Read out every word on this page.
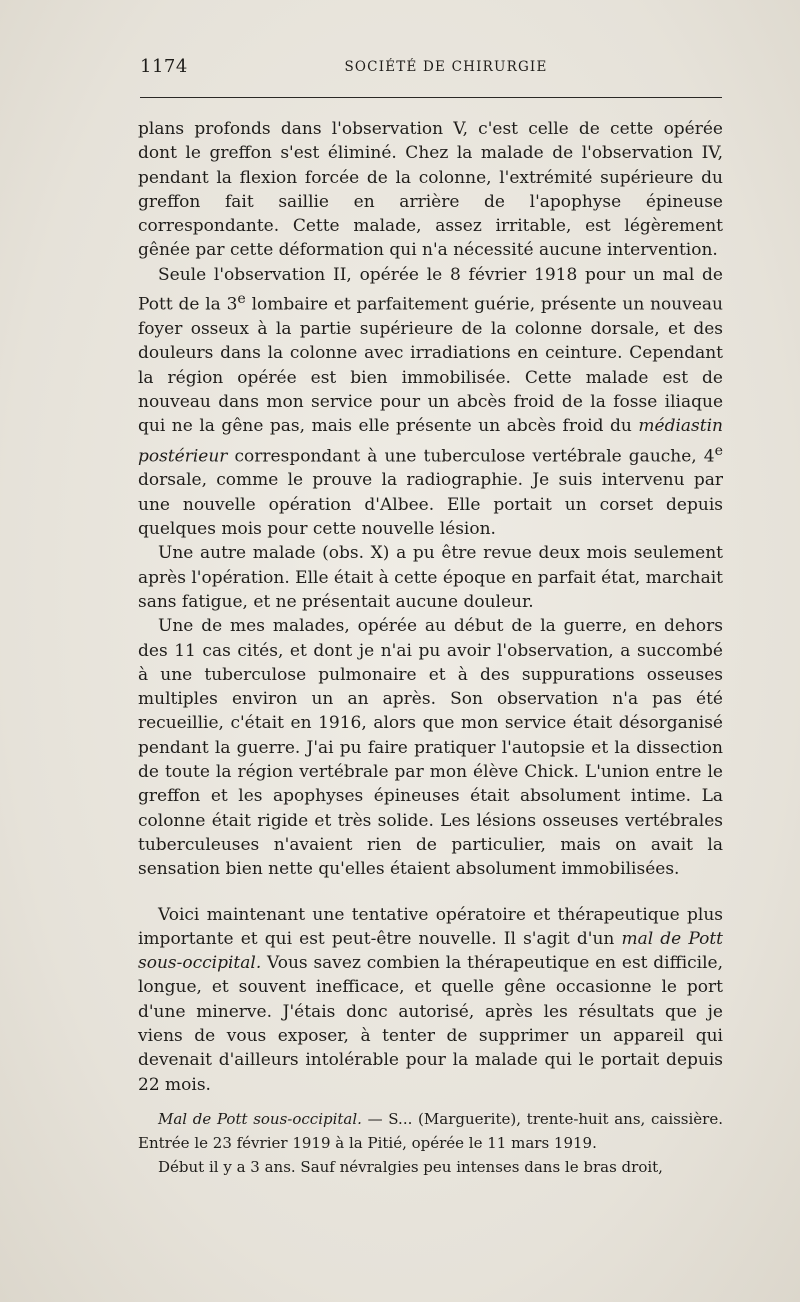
1174	SOCIÉTÉ DE CHIRURGIE

plans profonds dans l'observation V, c'est celle de cette opérée dont le greffon s'est éliminé. Chez la malade de l'observation IV, pendant la flexion forcée de la colonne, l'extrémité supérieure du greffon fait saillie en arrière de l'apophyse épineuse correspondante. Cette malade, assez irritable, est légèrement gênée par cette déformation qui n'a nécessité aucune intervention.

Seule l'observation II, opérée le 8 février 1918 pour un mal de Pott de la 3e lombaire et parfaitement guérie, présente un nouveau foyer osseux à la partie supérieure de la colonne dorsale, et des douleurs dans la colonne avec irradiations en ceinture. Cependant la région opérée est bien immobilisée. Cette malade est de nouveau dans mon service pour un abcès froid de la fosse iliaque qui ne la gêne pas, mais elle présente un abcès froid du médiastin postérieur correspondant à une tuberculose vertébrale gauche, 4e dorsale, comme le prouve la radiographie. Je suis intervenu par une nouvelle opération d'Albee. Elle portait un corset depuis quelques mois pour cette nouvelle lésion.

Une autre malade (obs. X) a pu être revue deux mois seulement après l'opération. Elle était à cette époque en parfait état, marchait sans fatigue, et ne présentait aucune douleur.

Une de mes malades, opérée au début de la guerre, en dehors des 11 cas cités, et dont je n'ai pu avoir l'observation, a succombé à une tuberculose pulmonaire et à des suppurations osseuses multiples environ un an après. Son observation n'a pas été recueillie, c'était en 1916, alors que mon service était désorganisé pendant la guerre. J'ai pu faire pratiquer l'autopsie et la dissection de toute la région vertébrale par mon élève Chick. L'union entre le greffon et les apophyses épineuses était absolument intime. La colonne était rigide et très solide. Les lésions osseuses vertébrales tuberculeuses n'avaient rien de particulier, mais on avait la sensation bien nette qu'elles étaient absolument immobilisées.

Voici maintenant une tentative opératoire et thérapeutique plus importante et qui est peut-être nouvelle. Il s'agit d'un mal de Pott sous-occipital. Vous savez combien la thérapeutique en est difficile, longue, et souvent inefficace, et quelle gêne occasionne le port d'une minerve. J'étais donc autorisé, après les résultats que je viens de vous exposer, à tenter de supprimer un appareil qui devenait d'ailleurs intolérable pour la malade qui le portait depuis 22 mois.

Mal de Pott sous-occipital. — S... (Marguerite), trente-huit ans, caissière. Entrée le 23 février 1919 à la Pitié, opérée le 11 mars 1919.

Début il y a 3 ans. Sauf névralgies peu intenses dans le bras droit,
